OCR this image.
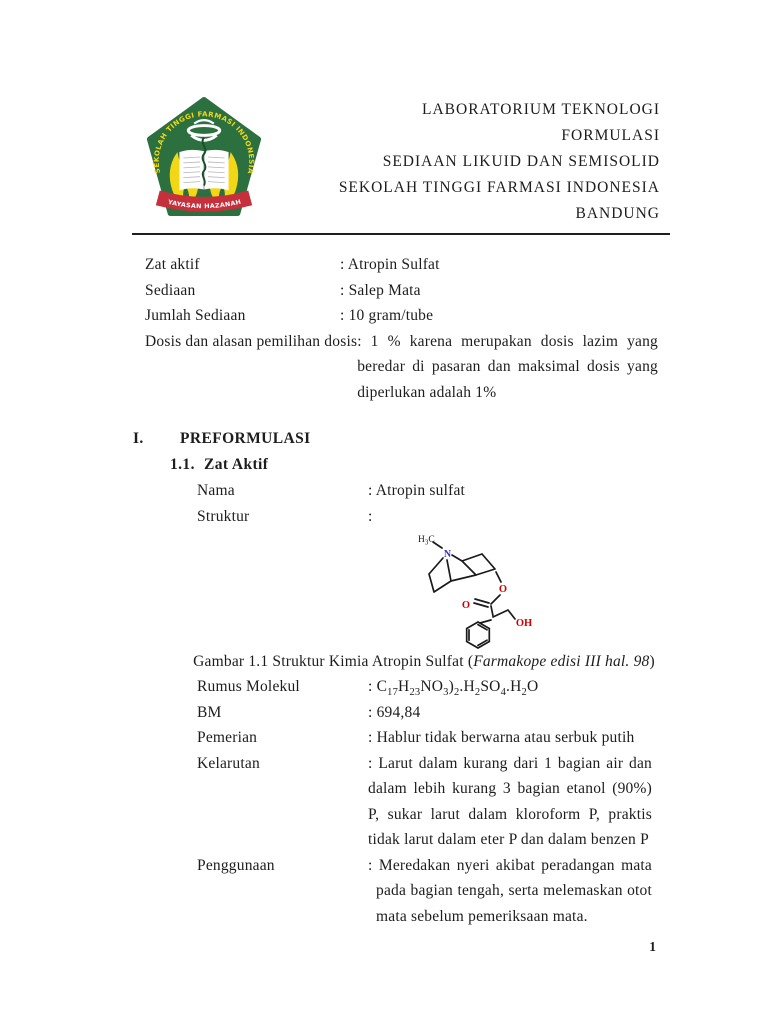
SEKOLAH TINGGI FARMASI INDONESIA
YAYASAN HAZANAH
LABORATORIUM TEKNOLOGI
FORMULASI
SEDIAAN LIKUID DAN SEMISOLID
SEKOLAH TINGGI FARMASI INDONESIA
BANDUNG
Zat aktif	: Atropin Sulfat
Sediaan	: Salep Mata
Jumlah Sediaan	: 10 gram/tube
Dosis dan alasan pemilihan dosis : 1 % karena merupakan dosis lazim yang beredar di pasaran dan maksimal dosis yang diperlukan adalah 1%
I.	PREFORMULASI
1.1. Zat Aktif
Nama	: Atropin sulfat
Struktur	:
$H_3C$
N
O
O
OH
Gambar 1.1 Struktur Kimia Atropin Sulfat (Farmakope edisi III hal. 98)
Rumus Molekul	: $C_{17}H_{23}NO_3)_2.H_2SO_4.H_2O$
BM	: 694,84
Pemerian	: Hablur tidak berwarna atau serbuk putih
Kelarutan	: Larut dalam kurang dari 1 bagian air dan dalam lebih kurang 3 bagian etanol (90%) P, sukar larut dalam kloroform P, praktis tidak larut dalam eter P dan dalam benzen P
Penggunaan	: Meredakan nyeri akibat peradangan mata pada bagian tengah, serta melemaskan otot mata sebelum pemeriksaan mata.
1
